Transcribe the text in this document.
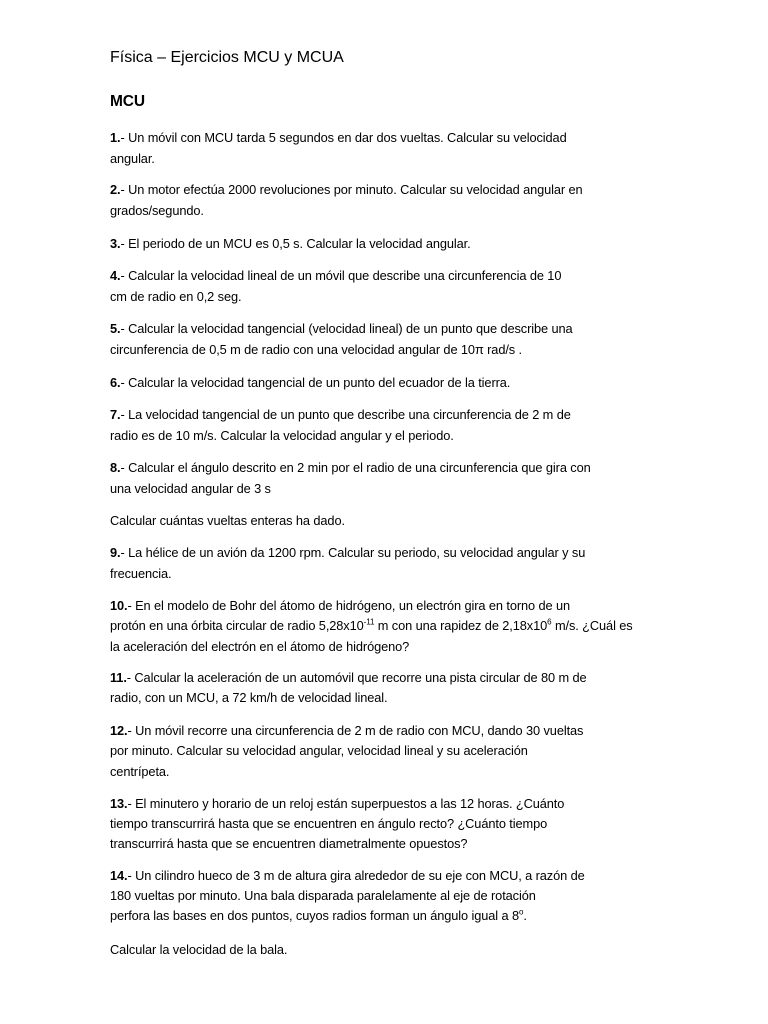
Física – Ejercicios MCU y MCUA
MCU
1.- Un móvil con MCU tarda 5 segundos en dar dos vueltas. Calcular su velocidad
angular.
2.- Un motor efectúa 2000 revoluciones por minuto. Calcular su velocidad angular en
grados/segundo.
3.- El periodo de un MCU es 0,5 s. Calcular la velocidad angular.
4.- Calcular la velocidad lineal de un móvil que describe una circunferencia de 10
cm de radio en 0,2 seg.
5.- Calcular la velocidad tangencial (velocidad lineal) de un punto que describe una
circunferencia de 0,5 m de radio con una velocidad angular de 10π rad/s .
6.- Calcular la velocidad tangencial de un punto del ecuador de la tierra.
7.- La velocidad tangencial de un punto que describe una circunferencia de 2 m de
radio es de 10 m/s. Calcular la velocidad angular y el periodo.
8.- Calcular el ángulo descrito en 2 min por el radio de una circunferencia que gira con
una velocidad angular de 3 s
Calcular cuántas vueltas enteras ha dado.
9.- La hélice de un avión da 1200 rpm. Calcular su periodo, su velocidad angular y su
frecuencia.
10.- En el modelo de Bohr del átomo de hidrógeno, un electrón gira en torno de un
protón en una órbita circular de radio $5,28x10^{-11}$ m con una rapidez de $2,18x10^6$ m/s. ¿Cuál es
la aceleración del electrón en el átomo de hidrógeno?
11.- Calcular la aceleración de un automóvil que recorre una pista circular de 80 m de
radio, con un MCU, a 72 km/h de velocidad lineal.
12.- Un móvil recorre una circunferencia de 2 m de radio con MCU, dando 30 vueltas
por minuto. Calcular su velocidad angular, velocidad lineal y su aceleración
centrípeta.
13.- El minutero y horario de un reloj están superpuestos a las 12 horas. ¿Cuánto
tiempo transcurrirá hasta que se encuentren en ángulo recto? ¿Cuánto tiempo
transcurrirá hasta que se encuentren diametralmente opuestos?
14.- Un cilindro hueco de 3 m de altura gira alrededor de su eje con MCU, a razón de
180 vueltas por minuto. Una bala disparada paralelamente al eje de rotación
perfora las bases en dos puntos, cuyos radios forman un ángulo igual a 8$^o$.
Calcular la velocidad de la bala.
